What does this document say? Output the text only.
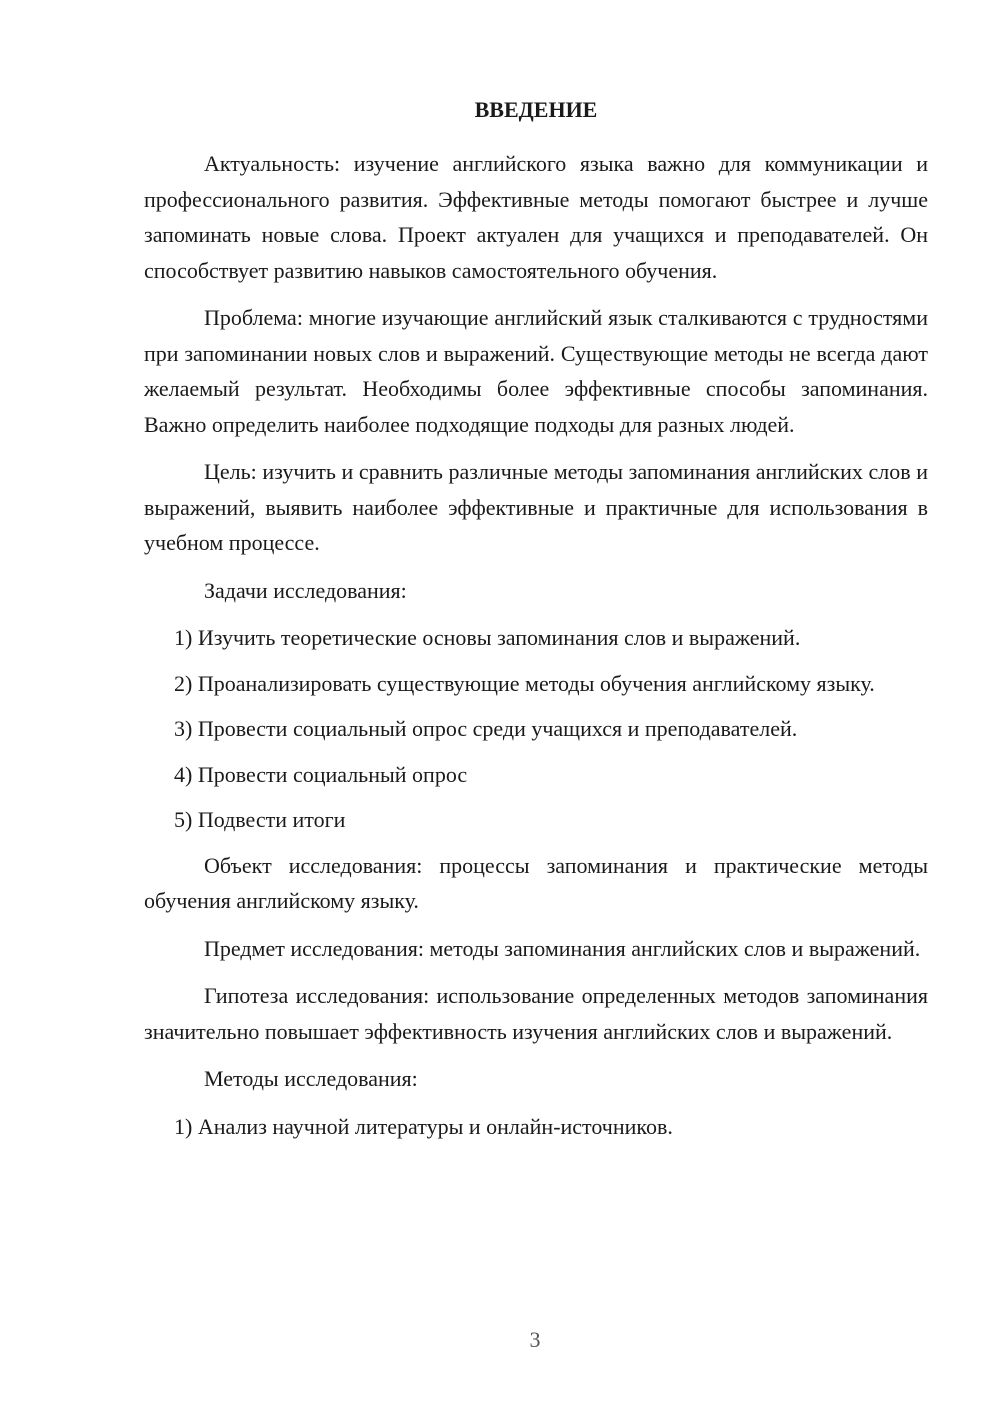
ВВЕДЕНИЕ

Актуальность: изучение английского языка важно для коммуникации и профессионального развития. Эффективные методы помогают быстрее и лучше запоминать новые слова. Проект актуален для учащихся и преподавателей. Он способствует развитию навыков самостоятельного обучения.

Проблема: многие изучающие английский язык сталкиваются с трудностями при запоминании новых слов и выражений. Существующие методы не всегда дают желаемый результат. Необходимы более эффективные способы запоминания. Важно определить наиболее подходящие подходы для разных людей.

Цель: изучить и сравнить различные методы запоминания английских слов и выражений, выявить наиболее эффективные и практичные для использования в учебном процессе.

Задачи исследования:

1) Изучить теоретические основы запоминания слов и выражений.

2) Проанализировать существующие методы обучения английскому языку.

3) Провести социальный опрос среди учащихся и преподавателей.

4) Провести социальный опрос

5) Подвести итоги

Объект исследования: процессы запоминания и практические методы обучения английскому языку.

Предмет исследования: методы запоминания английских слов и выражений.

Гипотеза исследования: использование определенных методов запоминания значительно повышает эффективность изучения английских слов и выражений.

Методы исследования:

1) Анализ научной литературы и онлайн-источников.

3
